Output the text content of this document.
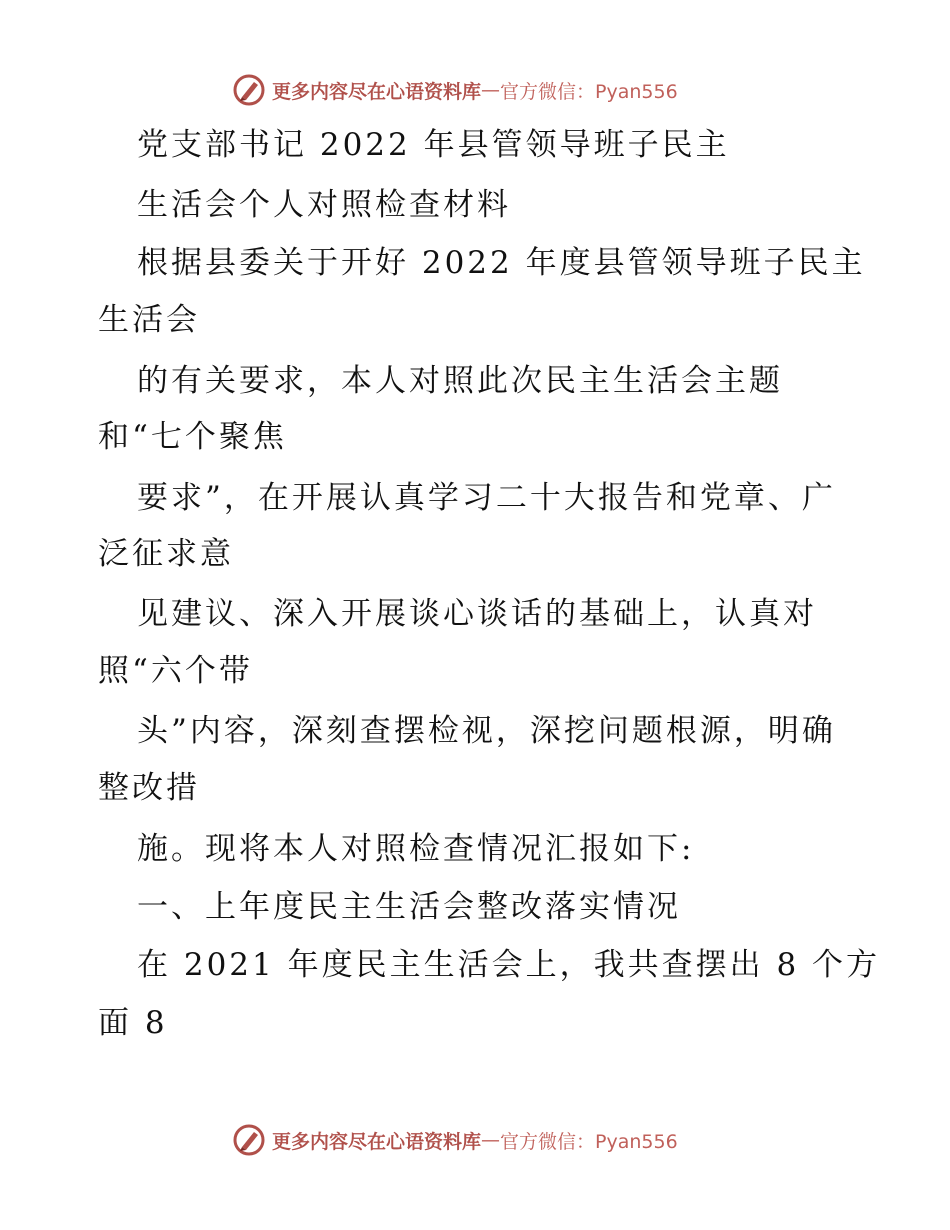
更多内容尽在心语资料库 — 官方微信：Pyan556
党支部书记 2022 年县管领导班子民主
生活会个人对照检查材料
根据县委关于开好 2022 年度县管领导班子民主
生活会
的有关要求，本人对照此次民主生活会主题
和“七个聚焦
要求”，在开展认真学习二十大报告和党章、广
泛征求意
见建议、深入开展谈心谈话的基础上，认真对
照“六个带
头”内容，深刻查摆检视，深挖问题根源，明确
整改措
施。现将本人对照检查情况汇报如下:
一、上年度民主生活会整改落实情况
在 2021 年度民主生活会上，我共查摆出 8 个方
面 8
更多内容尽在心语资料库 — 官方微信：Pyan556
